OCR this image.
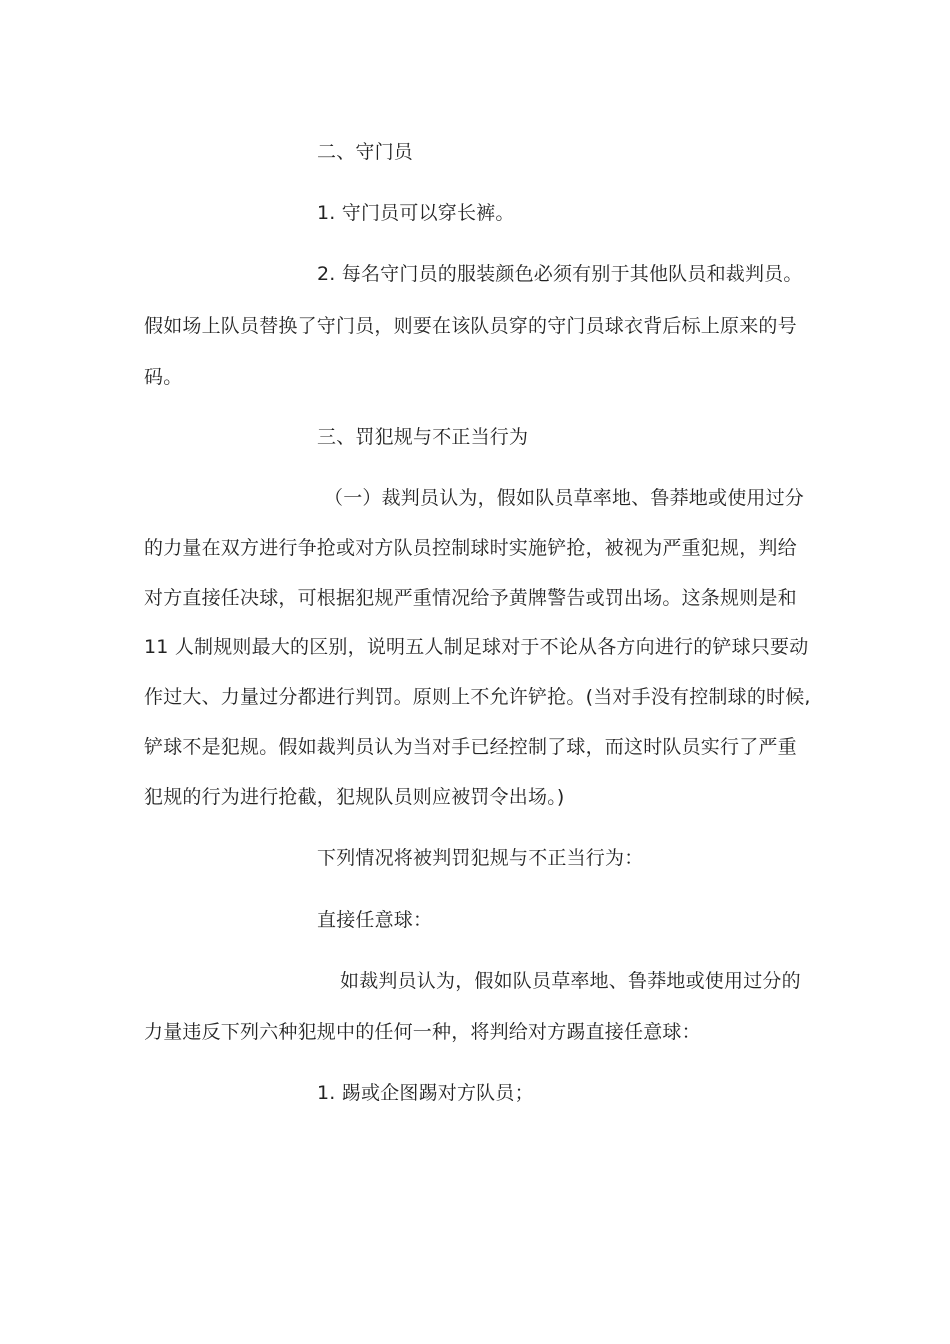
二、守门员
1. 守门员可以穿长裤。
2. 每名守门员的服装颜色必须有别于其他队员和裁判员。
假如场上队员替换了守门员，则要在该队员穿的守门员球衣背后标上原来的号
码。
三、罚犯规与不正当行为
（一）裁判员认为，假如队员草率地、鲁莽地或使用过分
的力量在双方进行争抢或对方队员控制球时实施铲抢，被视为严重犯规，判给
对方直接任决球，可根据犯规严重情况给予黄牌警告或罚出场。这条规则是和
11 人制规则最大的区别，说明五人制足球对于不论从各方向进行的铲球只要动
作过大、力量过分都进行判罚。原则上不允许铲抢。(当对手没有控制球的时候,
铲球不是犯规。假如裁判员认为当对手已经控制了球，而这时队员实行了严重
犯规的行为进行抢截，犯规队员则应被罚令出场。)
下列情况将被判罚犯规与不正当行为：
直接任意球：
如裁判员认为，假如队员草率地、鲁莽地或使用过分的
力量违反下列六种犯规中的任何一种，将判给对方踢直接任意球：
1. 踢或企图踢对方队员；
